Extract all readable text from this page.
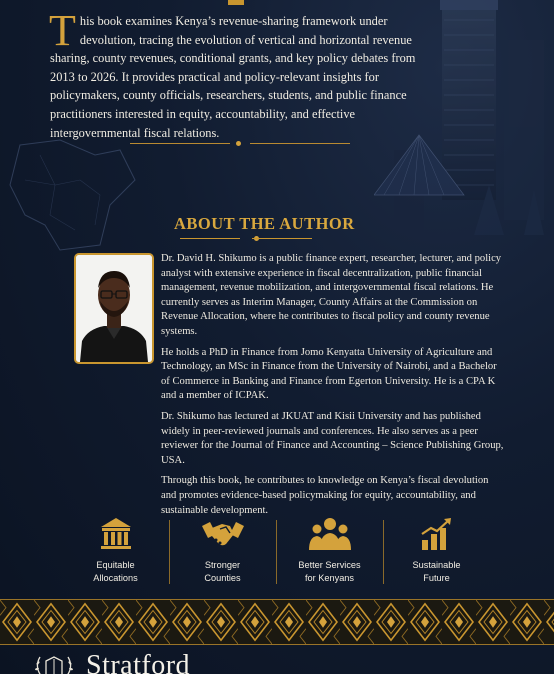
This book examines Kenya’s revenue-sharing framework under devolution, tracing the evolution of vertical and horizontal revenue sharing, county revenues, conditional grants, and key policy debates from 2013 to 2026. It provides practical and policy-relevant insights for policymakers, county officials, researchers, students, and public finance practitioners interested in equity, accountability, and effective intergovernmental fiscal relations.
ABOUT THE AUTHOR

Dr. David H. Shikumo is a public finance expert, researcher, lecturer, and policy analyst with extensive experience in fiscal decentralization, public financial management, revenue mobilization, and intergovernmental fiscal relations. He currently serves as Interim Manager, County Affairs at the Commission on Revenue Allocation, where he contributes to fiscal policy and county revenue systems.

He holds a PhD in Finance from Jomo Kenyatta University of Agriculture and Technology, an MSc in Finance from the University of Nairobi, and a Bachelor of Commerce in Banking and Finance from Egerton University. He is a CPA K and a member of ICPAK.

Dr. Shikumo has lectured at JKUAT and Kisii University and has published widely in peer-reviewed journals and conferences. He also serves as a peer reviewer for the Journal of Finance and Accounting – Science Publishing Group, USA.

Through this book, he contributes to knowledge on Kenya’s fiscal devolution and promotes evidence-based policymaking for equity, accountability, and sustainable development.

Equitable
Allocations
Stronger
Counties
Better Services
for Kenyans
Sustainable
Future
Stratford
